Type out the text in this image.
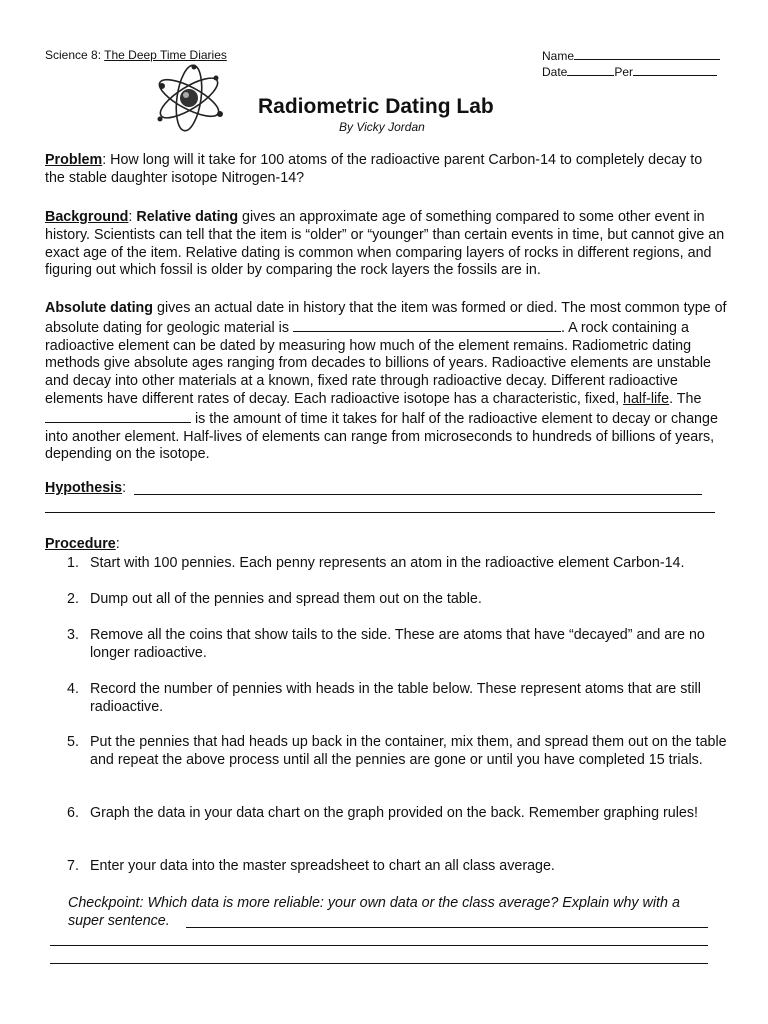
Science 8: The Deep Time Diaries	Name
Date	Per
Radiometric Dating Lab
By Vicky Jordan
Problem: How long will it take for 100 atoms of the radioactive parent Carbon-14 to completely decay to the stable daughter isotope Nitrogen-14?
Background: Relative dating gives an approximate age of something compared to some other event in history. Scientists can tell that the item is “older” or “younger” than certain events in time, but cannot give an exact age of the item. Relative dating is common when comparing layers of rocks in different regions, and figuring out which fossil is older by comparing the rock layers the fossils are in.
Absolute dating gives an actual date in history that the item was formed or died. The most common type of absolute dating for geologic material is	. A rock containing a radioactive element can be dated by measuring how much of the element remains. Radiometric dating methods give absolute ages ranging from decades to billions of years. Radioactive elements are unstable and decay into other materials at a known, fixed rate through radioactive decay. Different radioactive elements have different rates of decay. Each radioactive isotope has a characteristic, fixed, half-life. The  is the amount of time it takes for half of the radioactive element to decay or change into another element. Half-lives of elements can range from microseconds to hundreds of billions of years, depending on the isotope.
Hypothesis:
Procedure:
1. Start with 100 pennies. Each penny represents an atom in the radioactive element Carbon-14.
2. Dump out all of the pennies and spread them out on the table.
3. Remove all the coins that show tails to the side. These are atoms that have “decayed” and are no longer radioactive.
4. Record the number of pennies with heads in the table below. These represent atoms that are still radioactive.
5. Put the pennies that had heads up back in the container, mix them, and spread them out on the table and repeat the above process until all the pennies are gone or until you have completed 15 trials.
6. Graph the data in your data chart on the graph provided on the back. Remember graphing rules!
7. Enter your data into the master spreadsheet to chart an all class average.
Checkpoint: Which data is more reliable: your own data or the class average? Explain why with a
super sentence.
